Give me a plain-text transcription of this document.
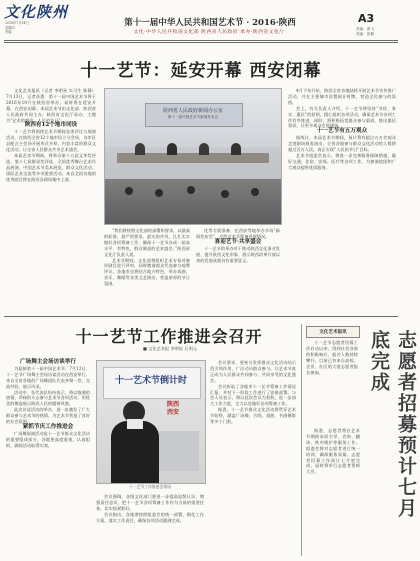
文化陕州
2016年7月14日
星期四
责编：
第十一届中华人民共和国艺术节 · 2016·陕西
文化·中华人民共和国文化部 陕西省人民政府 承办·陕西省文化厅
A3
责编：黄飞
美编：张楠
十一艺节：延安开幕 西安闭幕

文化艺术报讯（记者 李明星 实习生 陈静）7月13日，记者获悉：第十一届中国艺术节将于2016年10月在陕西省举办，届时将在延安开幕，在西安闭幕。本届艺术节由文化部、陕西省人民政府共同主办，陕西省文化厅承办，主题为“艺术的盛会、人民的节日”。

陕西有12个地市同设

十一艺节将围绕艺术节期间各类评比与展演活动，在陕西全省12个地市设立分会场，各市区县配合主会场开展形式多样、内容丰富的群众文化活动，让全省人民群众共享艺术盛会。

本届艺术节期间，将举办第十五届文华奖评选、第十七届群星奖评选、全国优秀舞台艺术作品展演、中国艺术节美术展览、群众文化活动、国际艺术交流等多项重要活动。来自全国各地的优秀剧目将在陕西各剧场集中上演。

陕西省人民政府新闻办公室
第十一届中国艺术节新闻发布会

“我们将按照文化部的部署和要求，以最高的标准、最严的要求、最实的作风，扎扎实实做好各项筹备工作，确保十一艺节办成一届高水平、有特色、群众满意的艺术盛会。”陕西省文化厅负责人说。

艺术节期间，文化部将组织艺术专家对参评剧目进行评审，同时邀请观众代表参与观摩评议。各地市也将结合地方特色，举办戏曲、音乐、舞蹈等各类文艺演出，营造浓厚的节日氛围。

化等方面准备，在西安等地举办多场“新闻发布会”，介绍艺术节筹备进展情况。

喜迎艺节·共享盛会

十一艺节的举办对于推动陕西文化事业发展、提升陕西文化形象、展示陕西改革开放以来的发展成就具有重要意义。

4月下旬开始，陕西全省各地陆续开展艺术节宣传推广活动，并在主要城市设置倒计时牌，营造全民参与的氛围。

会上，有关负责人介绍，十一艺节将坚持“节俭、务实、惠民”的原则，精心组织各项活动，确保艺术节各项工作有序推进。同时，将积极拓宽群众参与渠道，推出惠民票价，让更多观众走进剧场。

十一艺节有五万观众

据统计，本届艺术节期间，预计将有超过五万名观众走进剧场观看演出，全省各地参与群众文化活动的人数将超过百万人次，真正实现“人民的节日”目标。

艺术节组委会表示，将进一步完善服务保障措施，做好交通、住宿、安保、医疗等各项工作，为参演院团和广大观众提供优质服务。

十一艺节工作推进会召开
■ 文化艺术报 李明星 石明元

广场舞主会场访谈举行

为迎接第十一届中国艺术节，7月12日，十一艺节广场舞主会场访谈活动在西安举行。来自全省各地的广场舞团队代表齐聚一堂，交流经验，展示风采。

活动中，各代表队纷纷表示，将以饱满的热情、昂扬的斗志参与艺术节各项活动，用优美的舞姿展示陕西人民的精神风貌。

此次访谈活动的举办，进一步激发了广大群众参与艺术节的热情，为艺术节营造了良好的社会氛围。

紧抓节庆工作推进会

广场舞展演活动是十一艺节群众文化活动的重要组成部分，各地要高度重视，认真组织，确保活动取得实效。

十一艺术节倒计时
陕西
西安
十一艺节工作推进会现场

会议强调，各级文化部门要进一步提高思想认识，增强责任意识，把十一艺节各项筹备工作作为当前的重要任务，切实抓紧抓好。

会议指出，各地要按照组委会的统一部署，细化工作方案，落实工作责任，确保各项活动圆满完成。

会议要求，要充分发挥群众文化活动的示范引领作用，广泛动员群众参与，让艺术节真正成为人民群众共同参与、共同享受的文化盛会。

会议听取了各地市十一艺节筹备工作情况汇报，并对下一阶段工作进行了安排部署。与会人员表示，将以此次会议为契机，进一步加大工作力度，全力以赴做好各项筹备工作。

据悉，十一艺节群众文化活动将贯穿艺术节始终，涵盖广场舞、合唱、戏曲、书画摄影等多个门类。

文化艺术报讯

十一艺节志愿者招募工作启动以来，得到社会各界的积极响应，报名人数持续攀升。目前已有来自高校、企业、社区的大批志愿者报名参加。	志愿者招募预计七月底完成

据悉，志愿者将在艺术节期间承担引导、咨询、翻译、秩序维护等服务工作。组委会将对志愿者进行统一培训，确保服务质量。志愿者招募工作预计七月底完成，届时将举行志愿者誓师大会。
